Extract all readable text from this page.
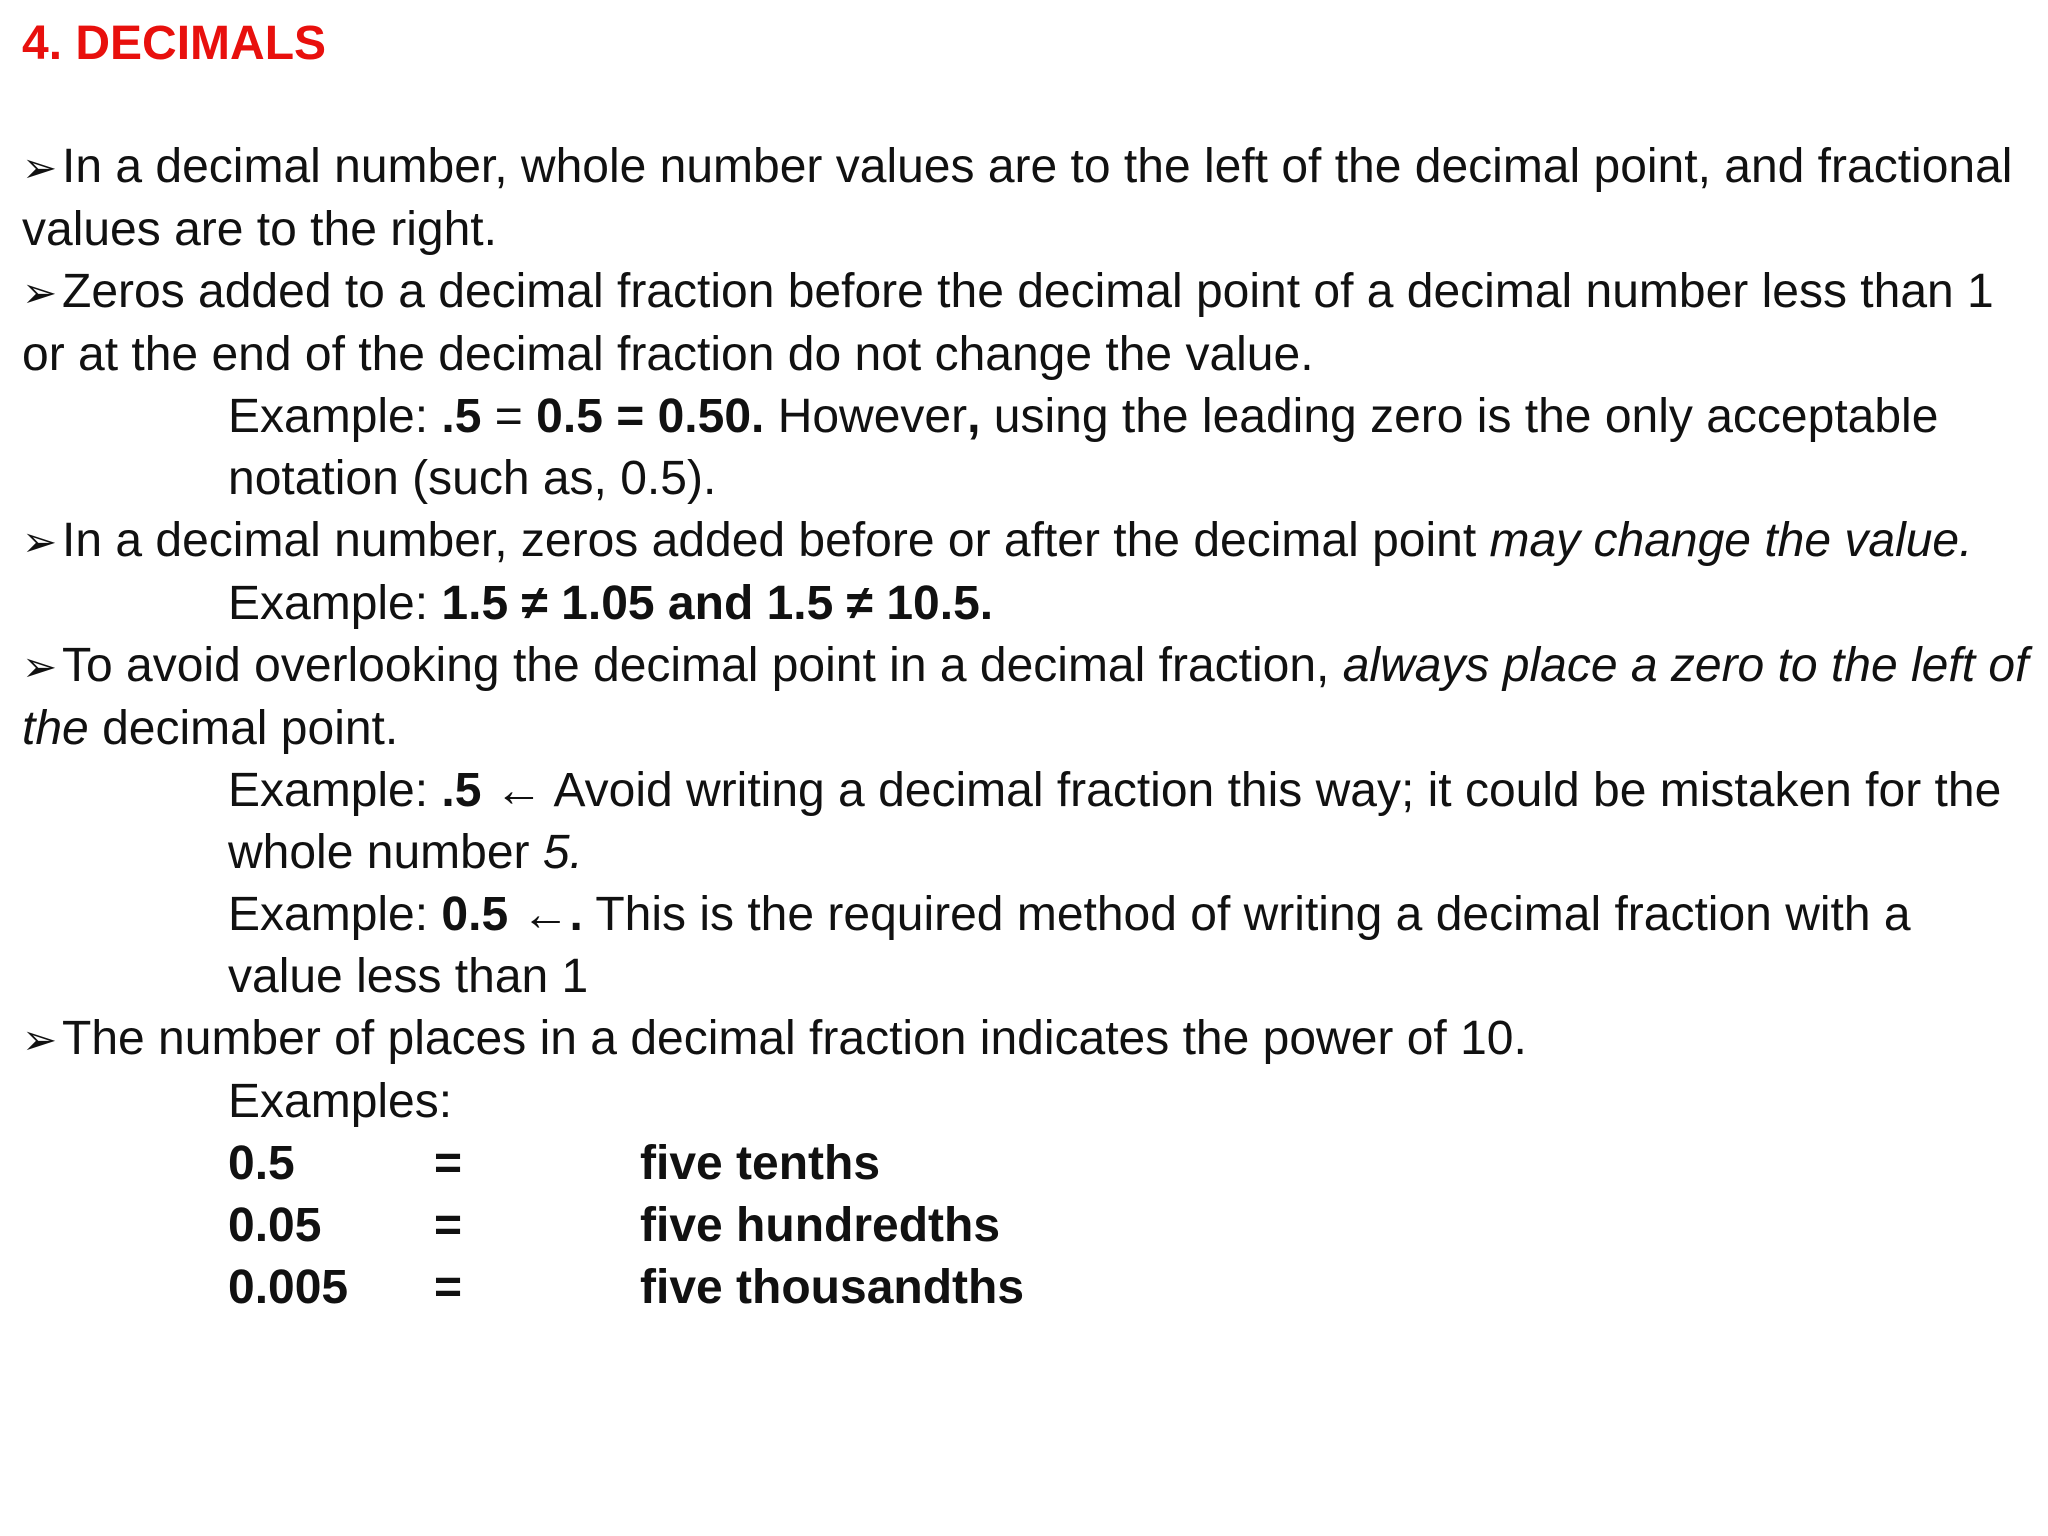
4. DECIMALS

➢In a decimal number, whole number values are to the left of the decimal point, and fractional values are to the right.

➢Zeros added to a decimal fraction before the decimal point of a decimal number less than 1 or at the end of the decimal fraction do not change the value.

Example: .5 = 0.5 = 0.50. However, using the leading zero is the only acceptable notation (such as, 0.5).

➢In a decimal number, zeros added before or after the decimal point may change the value.

Example: 1.5 ≠ 1.05 and 1.5 ≠ 10.5.

➢To avoid overlooking the decimal point in a decimal fraction, always place a zero to the left of the decimal point.

Example: .5 ← Avoid writing a decimal fraction this way; it could be mistaken for the whole number 5.

Example: 0.5 ←. This is the required method of writing a decimal fraction with a value less than 1

➢The number of places in a decimal fraction indicates the power of 10.

Examples:

0.5	=	five tenths
0.05	=	five hundredths
0.005	=	five thousandths
